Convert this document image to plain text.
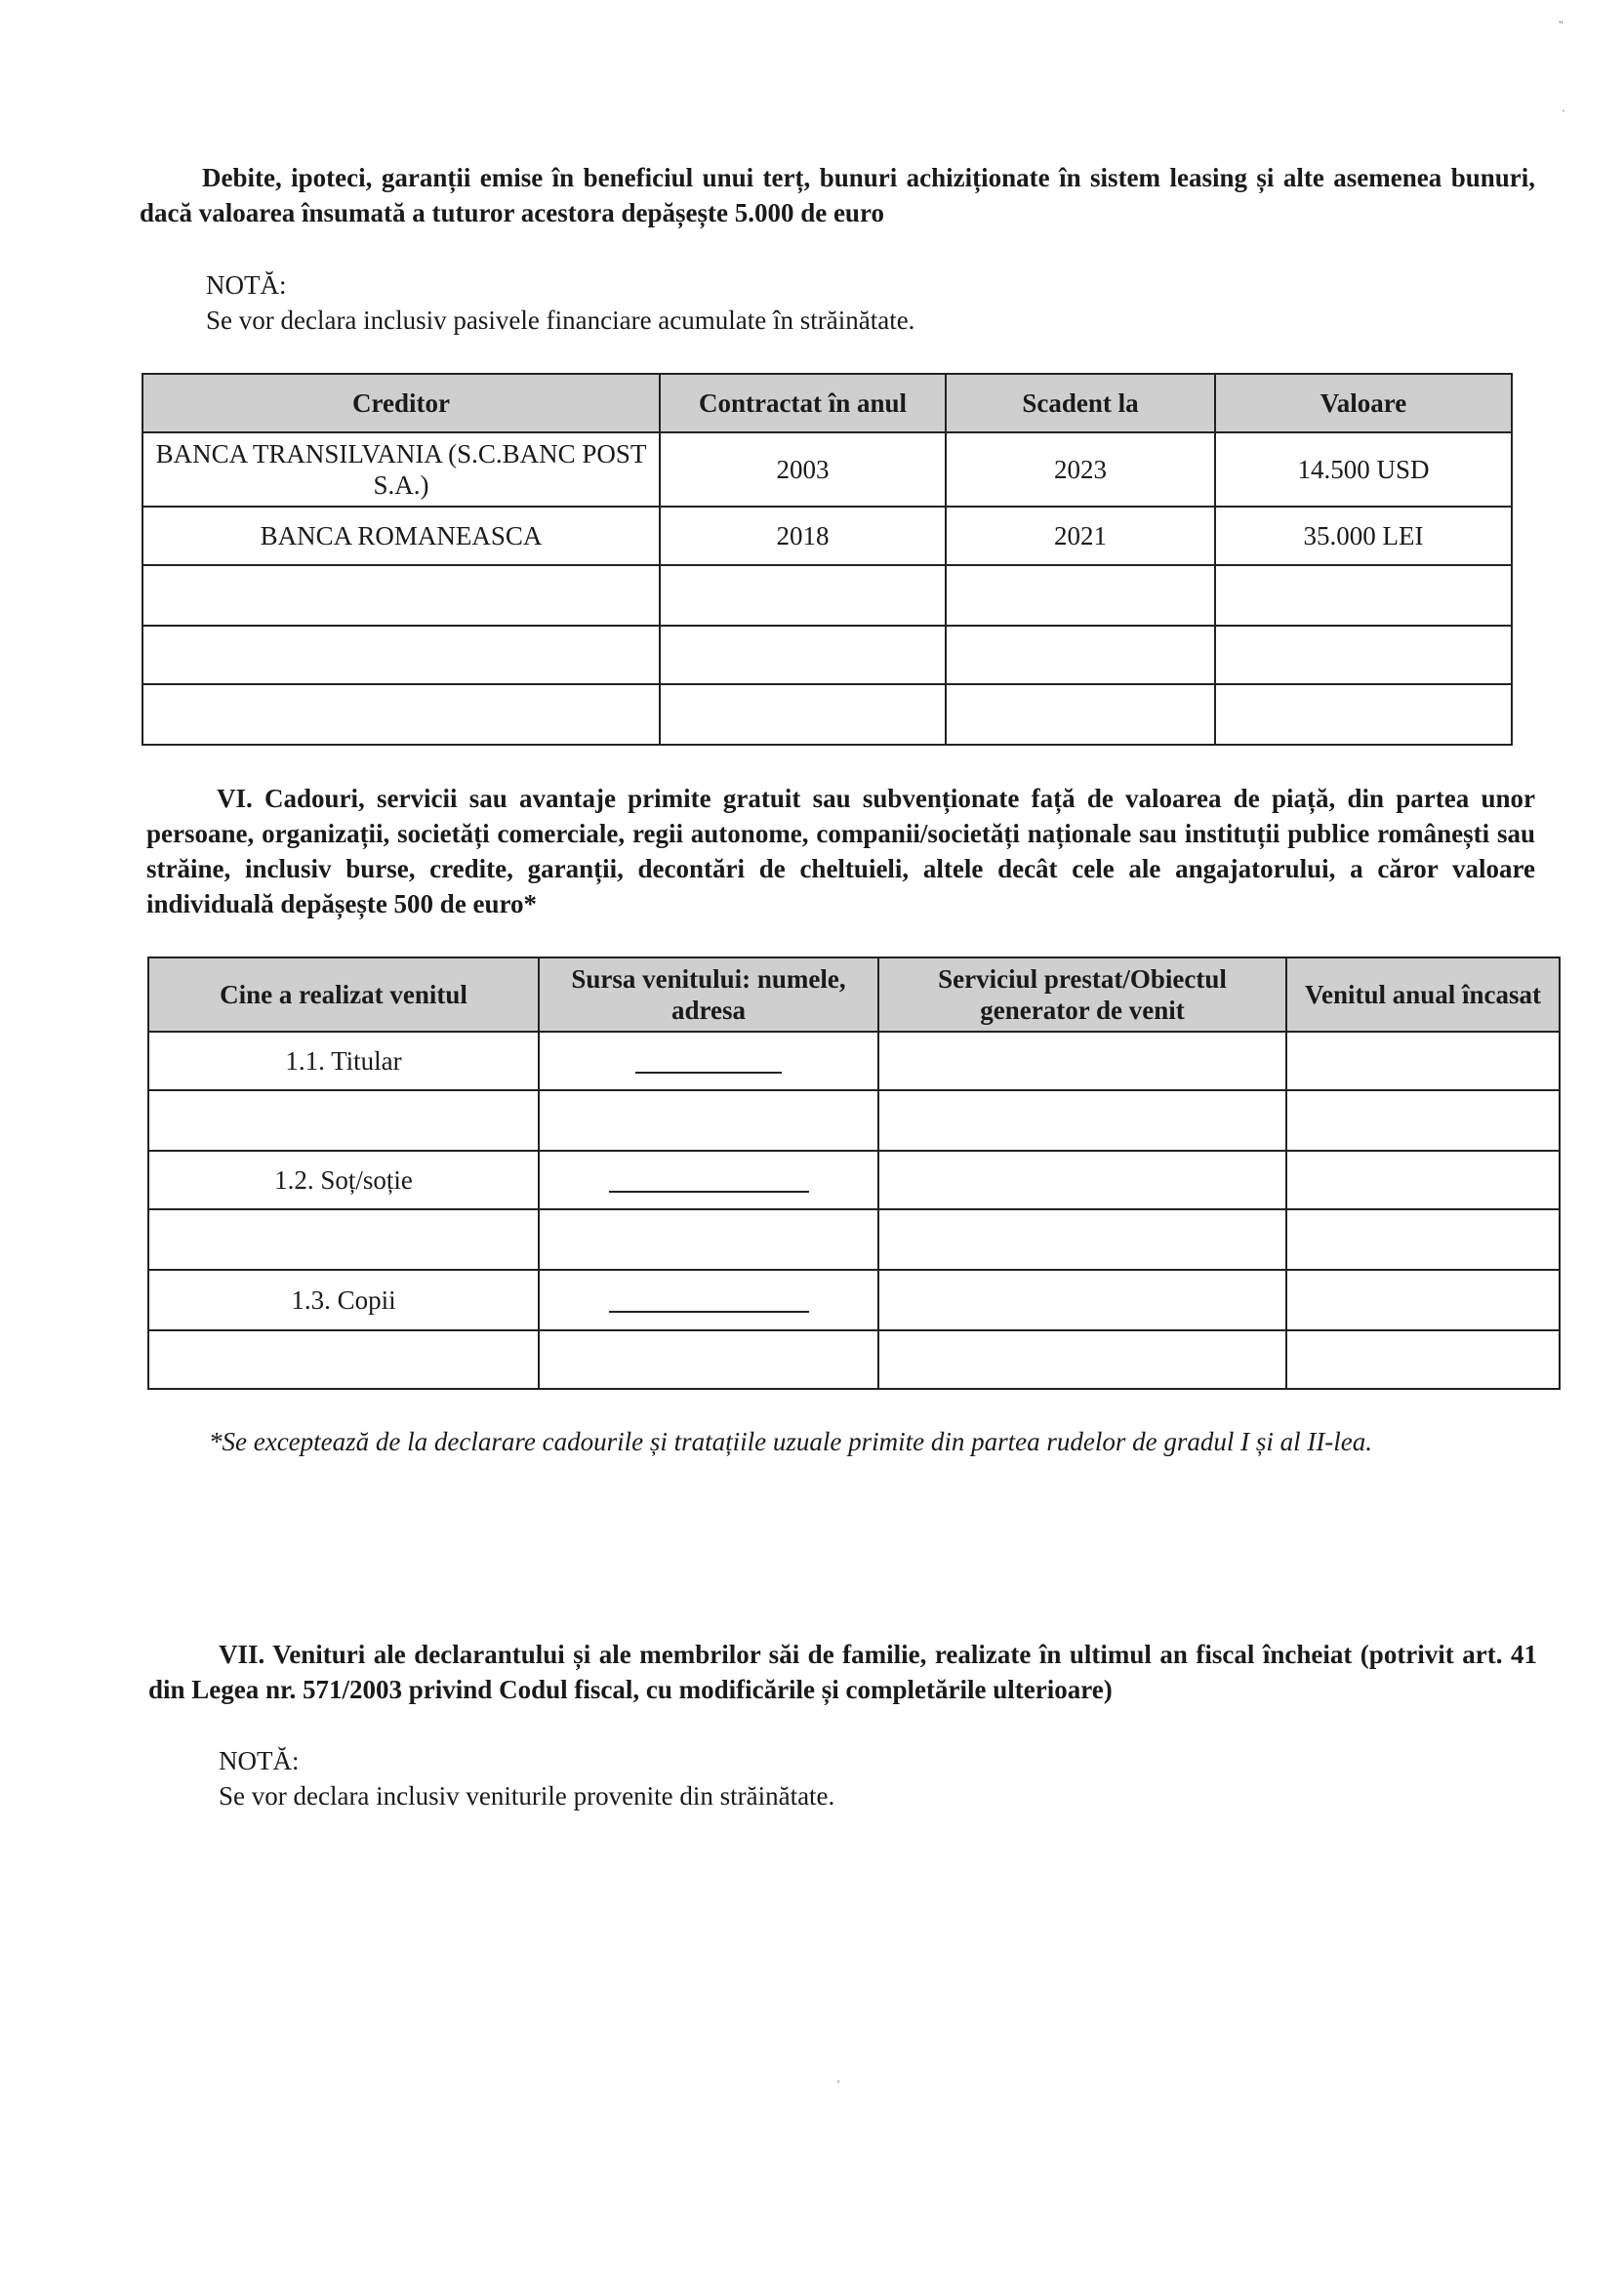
"
`

Debite, ipoteci, garanții emise în beneficiul unui terț, bunuri achiziționate în sistem leasing și alte asemenea bunuri, dacă valoarea însumată a tuturor acestora depășește 5.000 de euro

NOTĂ:

Se vor declara inclusiv pasivele financiare acumulate în străinătate.

Creditor	Contractat în anul	Scadent la	Valoare
BANCA TRANSILVANIA (S.C.BANC POST S.A.)	2003	2023	14.500 USD
BANCA ROMANEASCA	2018	2021	35.000 LEI

VI. Cadouri, servicii sau avantaje primite gratuit sau subvenționate față de valoarea de piață, din partea unor persoane, organizații, societăți comerciale, regii autonome, companii/societăți naționale sau instituții publice românești sau străine, inclusiv burse, credite, garanții, decontări de cheltuieli, altele decât cele ale angajatorului, a căror valoare individuală depășește 500 de euro*

Cine a realizat venitul	Sursa venitului: numele, adresa	Serviciul prestat/Obiectul generator de venit	Venitul anual încasat
1.1. Titular			

1.2. Soț/soție			

1.3. Copii			

*Se exceptează de la declarare cadourile și tratațiile uzuale primite din partea rudelor de gradul I și al II-lea.

VII. Venituri ale declarantului și ale membrilor săi de familie, realizate în ultimul an fiscal încheiat (potrivit art. 41 din Legea nr. 571/2003 privind Codul fiscal, cu modificările și completările ulterioare)

NOTĂ:

Se vor declara inclusiv veniturile provenite din străinătate.

'
